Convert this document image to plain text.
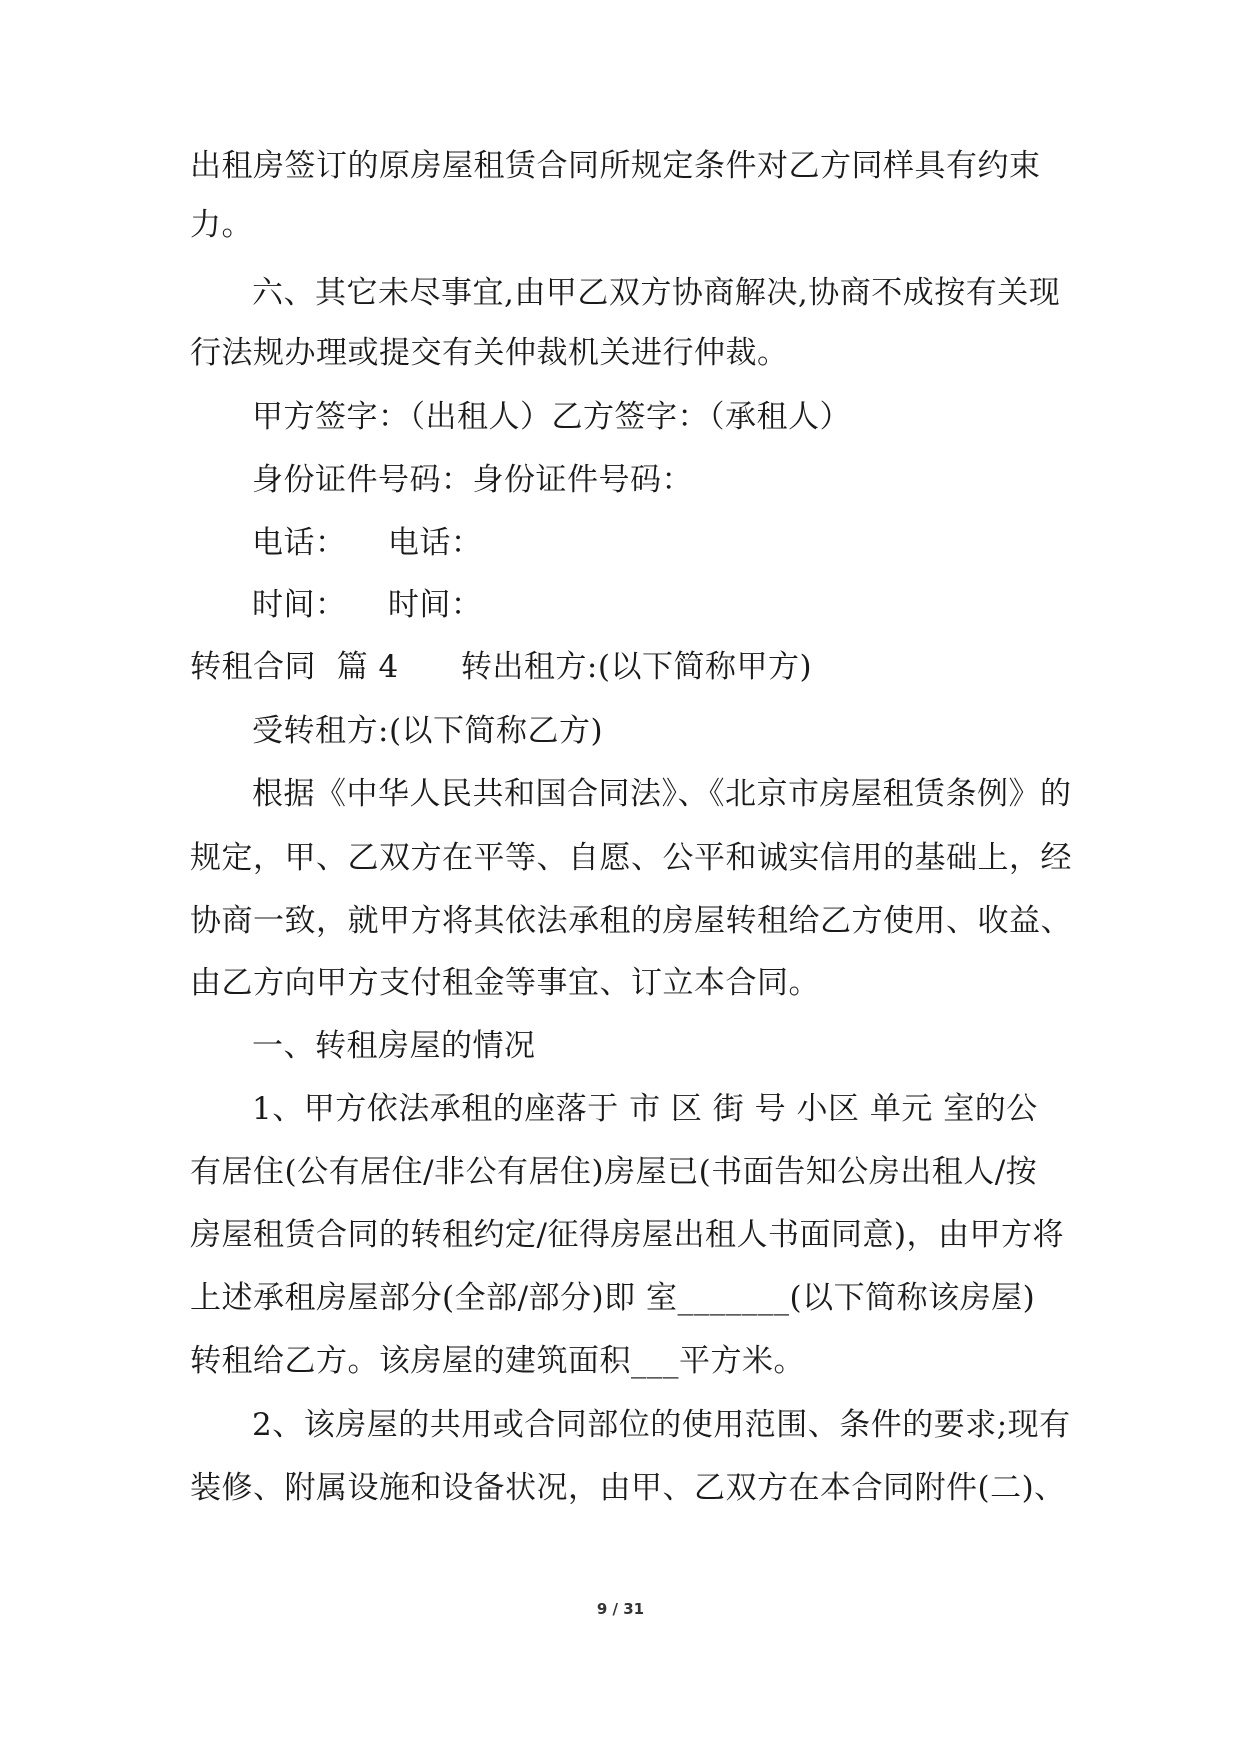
出租房签订的原房屋租赁合同所规定条件对乙方同样具有约束
力。
六、其它未尽事宜,由甲乙双方协商解决,协商不成按有关现
行法规办理或提交有关仲裁机关进行仲裁。
甲方签字：（出租人）乙方签字：（承租人）
身份证件号码：身份证件号码：
电话：    电话：
时间：    时间：
转租合同  篇 4      转出租方:(以下简称甲方)
受转租方:(以下简称乙方)
根据《中华人民共和国合同法》、《北京市房屋租赁条例》的
规定，甲、乙双方在平等、自愿、公平和诚实信用的基础上，经
协商一致，就甲方将其依法承租的房屋转租给乙方使用、收益、
由乙方向甲方支付租金等事宜、订立本合同。
一、转租房屋的情况
1、甲方依法承租的座落于 市 区 街 号 小区 单元 室的公
有居住(公有居住/非公有居住)房屋已(书面告知公房出租人/按
房屋租赁合同的转租约定/征得房屋出租人书面同意)，由甲方将
上述承租房屋部分(全部/部分)即 室_______(以下简称该房屋)
转租给乙方。该房屋的建筑面积___平方米。
2、该房屋的共用或合同部位的使用范围、条件的要求;现有
装修、附属设施和设备状况，由甲、乙双方在本合同附件(二)、
9 / 31
